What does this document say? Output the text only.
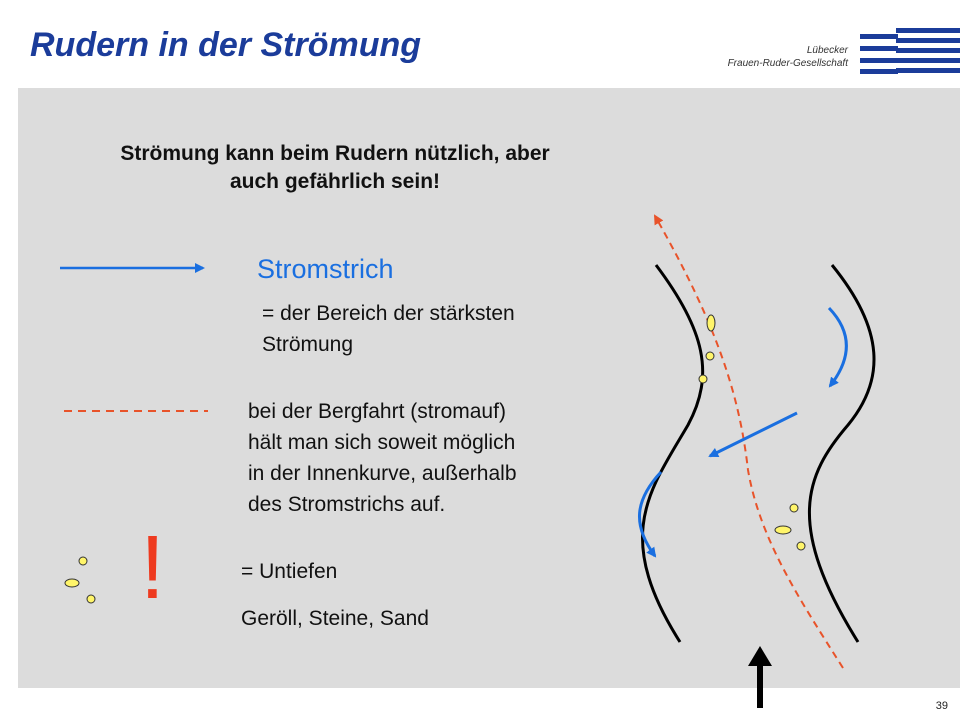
Rudern in der Strömung	Lübecker
Frauen-Ruder-Gesellschaft
Strömung kann beim Rudern nützlich, aber
auch gefährlich sein!
Stromstrich
= der Bereich der stärksten
Strömung
bei der Bergfahrt (stromauf)
hält man sich soweit möglich
in der Innenkurve, außerhalb
des Stromstrichs auf.
!	= Untiefen
Geröll, Steine, Sand
39
